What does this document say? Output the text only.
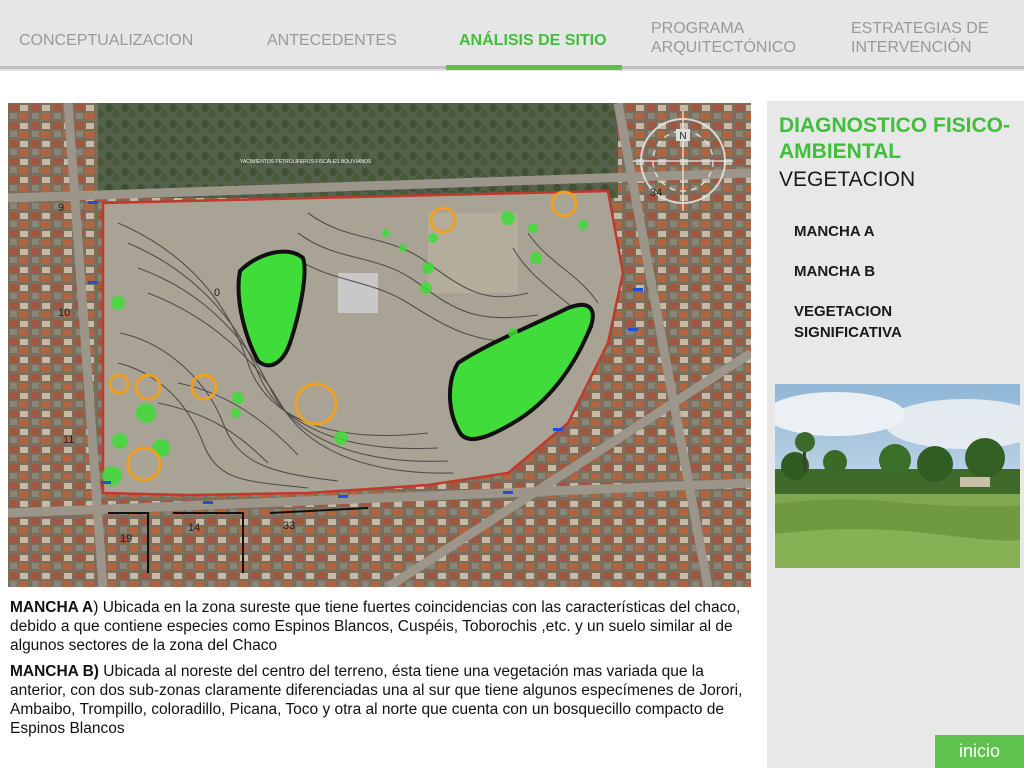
CONCEPTUALIZACION	ANTECEDENTES	ANÁLISIS DE SITIO
PROGRAMA ARQUITECTÓNICO
ESTRATEGIAS DE INTERVENCIÓN
N
9
10
34
0
19
14	33
11
YACIMIENTOS PETROLIFEROS FISCALES BOLIVIANOS
DIAGNOSTICO FISICO-AMBIENTAL
VEGETACION
MANCHA A
MANCHA B
VEGETACION SIGNIFICATIVA

MANCHA A) Ubicada en la zona sureste que tiene fuertes coincidencias con las características del chaco, debido a que contiene especies como Espinos Blancos, Cuspéis, Toborochis ,etc. y un suelo similar al de algunos sectores de la zona del Chaco

MANCHA B) Ubicada al noreste del centro del terreno, ésta tiene una vegetación mas variada que la anterior, con dos sub-zonas claramente diferenciadas una al sur que tiene algunos especímenes de Jorori, Ambaibo, Trompillo, coloradillo, Picana, Toco y otra al norte que cuenta con un bosquecillo compacto de Espinos Blancos

inicio
